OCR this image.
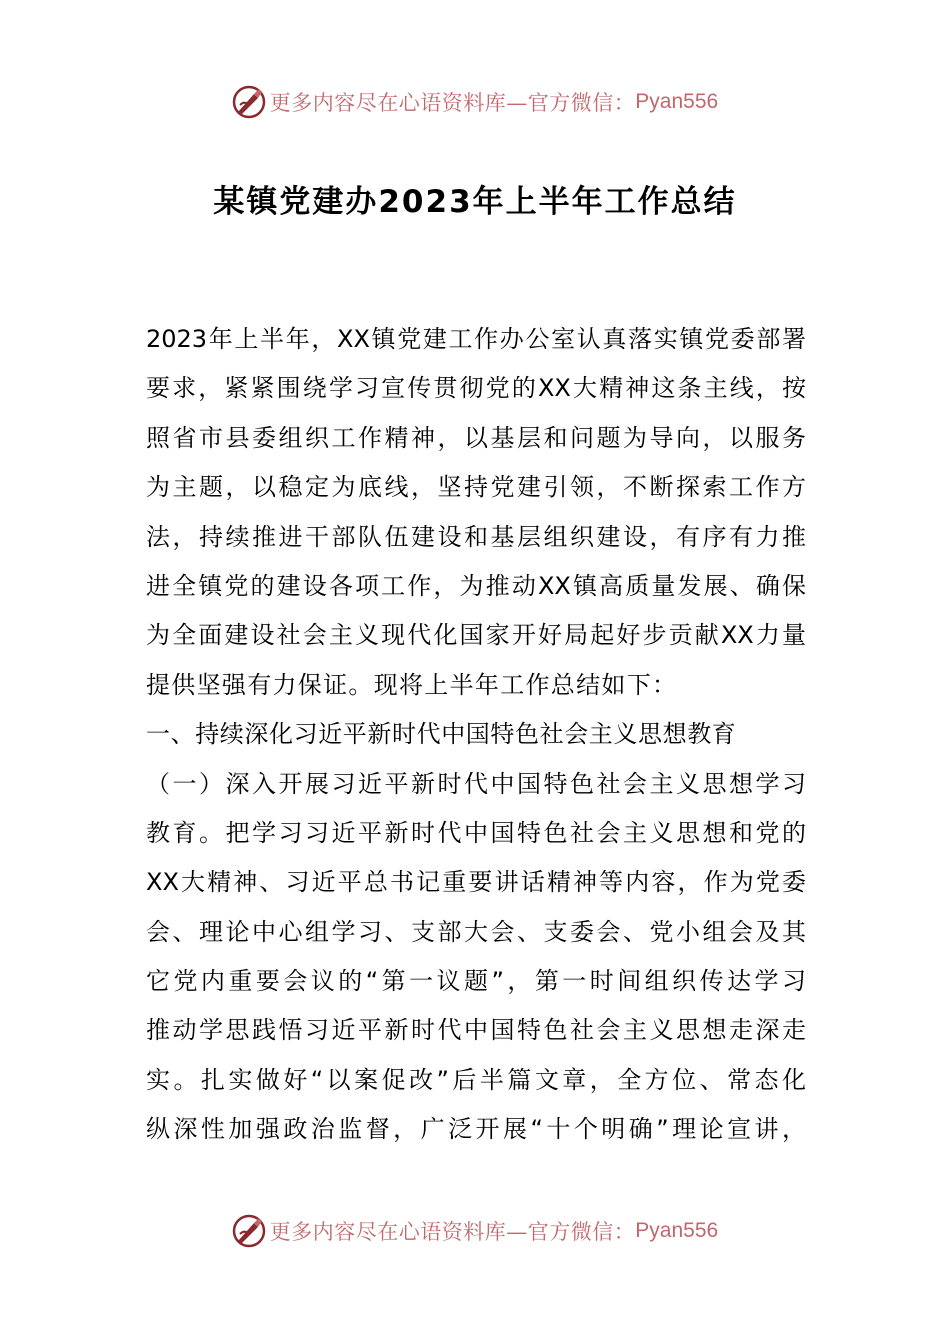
更多内容尽在心语资料库—官方微信： Pyan556
某镇党建办2023年上半年工作总结
2023年上半年，XX镇党建工作办公室认真落实镇党委部署
要求，紧紧围绕学习宣传贯彻党的XX大精神这条主线，按
照省市县委组织工作精神，以基层和问题为导向，以服务
为主题，以稳定为底线，坚持党建引领，不断探索工作方
法，持续推进干部队伍建设和基层组织建设，有序有力推
进全镇党的建设各项工作，为推动XX镇高质量发展、确保
为全面建设社会主义现代化国家开好局起好步贡献XX力量
提供坚强有力保证。现将上半年工作总结如下：
一、持续深化习近平新时代中国特色社会主义思想教育
（一）深入开展习近平新时代中国特色社会主义思想学习
教育。把学习习近平新时代中国特色社会主义思想和党的
XX大精神、习近平总书记重要讲话精神等内容，作为党委
会、理论中心组学习、支部大会、支委会、党小组会及其
它党内重要会议的“第一议题”，第一时间组织传达学习
推动学思践悟习近平新时代中国特色社会主义思想走深走
实。扎实做好“以案促改”后半篇文章，全方位、常态化
纵深性加强政治监督，广泛开展“十个明确”理论宣讲，
更多内容尽在心语资料库—官方微信： Pyan556
